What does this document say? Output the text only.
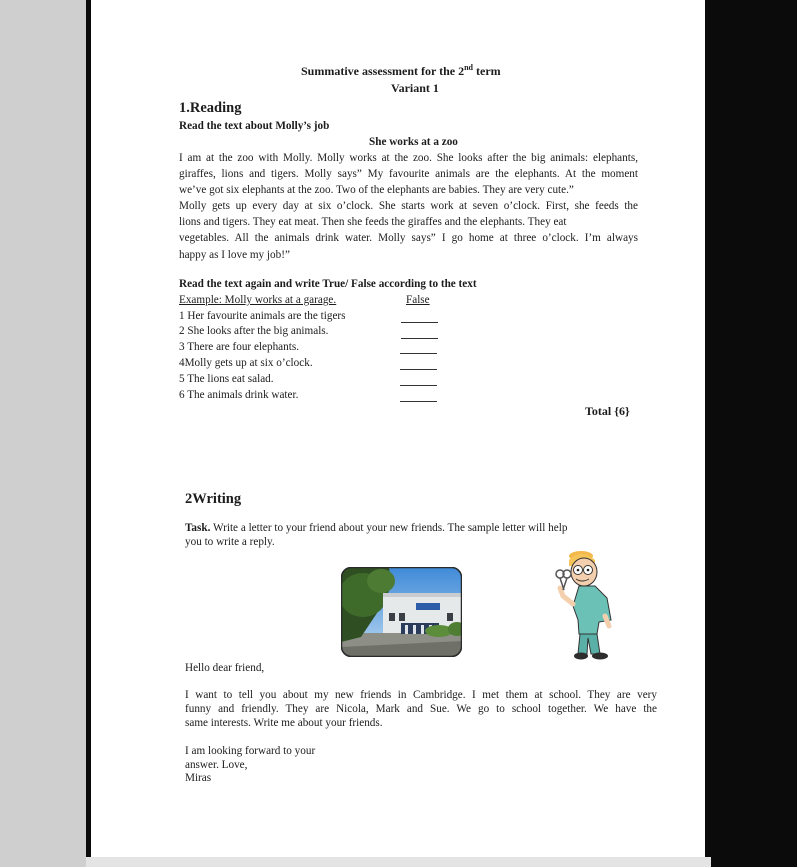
Summative assessment for the 2nd term
Variant 1
1.Reading
Read the text about Molly’s job
She works at a zoo
I am at the zoo with Molly. Molly works at the zoo. She looks after the big animals: elephants,
giraffes, lions and tigers. Molly says” My favourite animals are the elephants. At the moment
we’ve got six elephants at the zoo. Two of the elephants are babies. They are very cute.”
Molly gets up every day at six o’clock. She starts work at seven o’clock. First, she feeds the
lions and tigers. They eat meat. Then she feeds the giraffes and the elephants. They eat
vegetables. All the animals drink water. Molly says” I go home at three o’clock. I’m always
happy as I love my job!”
Read the text again and write True/ False according to the text
Example: Molly works at a garage.	False
1 Her favourite animals are the tigers
2 She looks after the big animals.
3 There are four elephants.
4Molly gets up at six o’clock.
5 The lions eat salad.
6 The animals drink water.
Total {6}
2Writing
Task. Write a letter to your friend about your new friends. The sample letter will help
you to write a reply.
Hello dear friend,
I want to tell you about my new friends in Cambridge. I met them at school. They are very
funny and friendly. They are Nicola, Mark and Sue. We go to school together. We have the
same interests. Write me about your friends.
I am looking forward to your
answer. Love,
Miras
